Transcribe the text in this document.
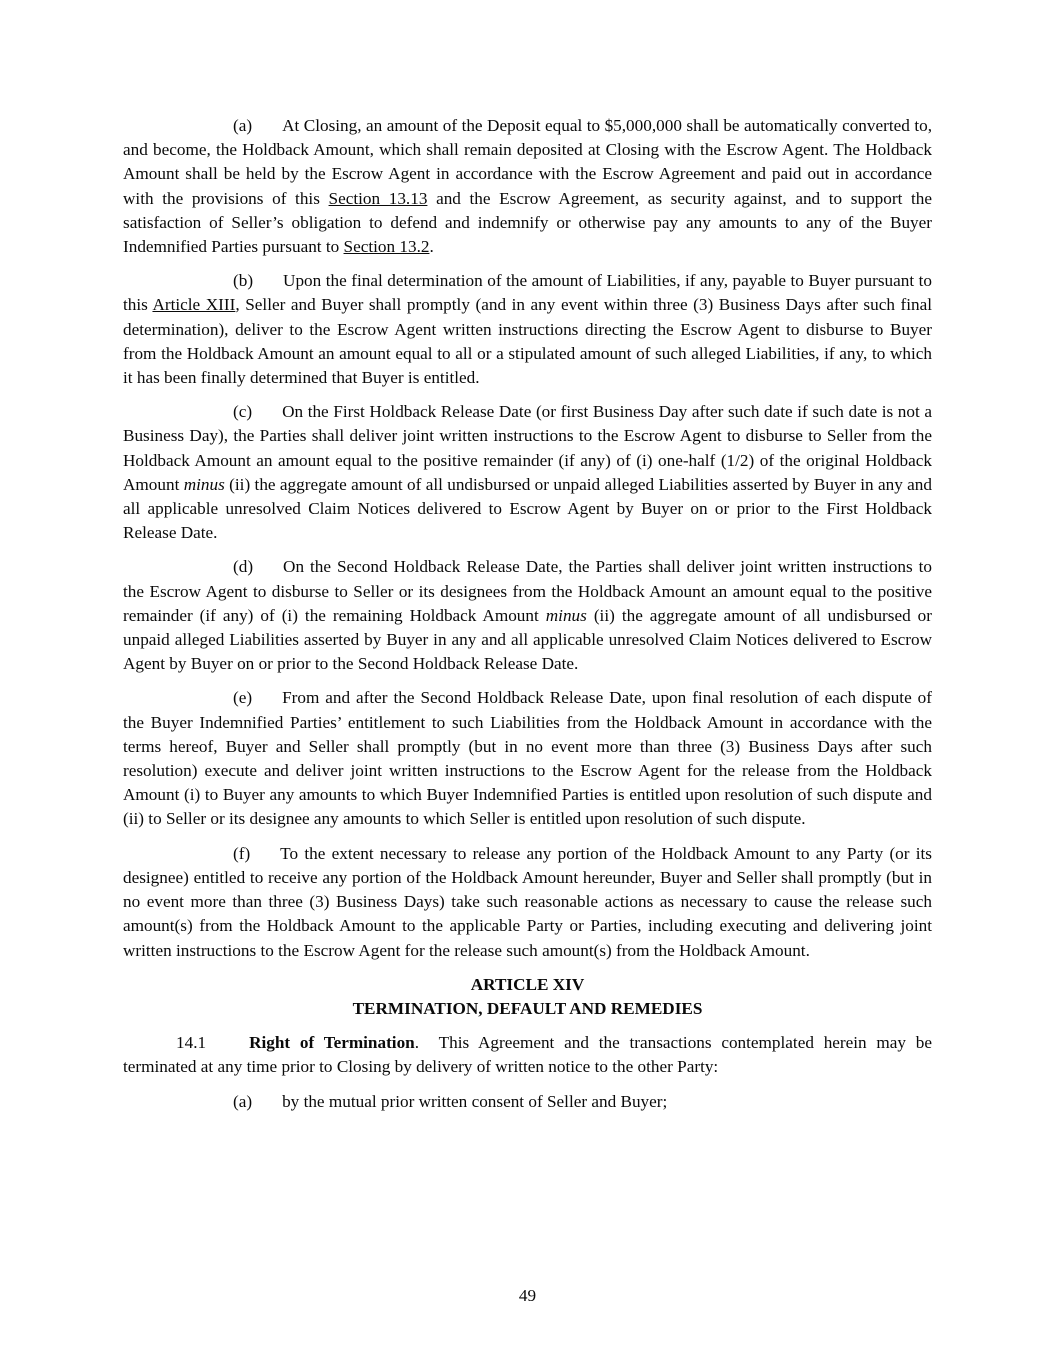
(a) At Closing, an amount of the Deposit equal to $5,000,000 shall be automatically converted to, and become, the Holdback Amount, which shall remain deposited at Closing with the Escrow Agent. The Holdback Amount shall be held by the Escrow Agent in accordance with the Escrow Agreement and paid out in accordance with the provisions of this Section 13.13 and the Escrow Agreement, as security against, and to support the satisfaction of Seller’s obligation to defend and indemnify or otherwise pay any amounts to any of the Buyer Indemnified Parties pursuant to Section 13.2.

(b) Upon the final determination of the amount of Liabilities, if any, payable to Buyer pursuant to this Article XIII, Seller and Buyer shall promptly (and in any event within three (3) Business Days after such final determination), deliver to the Escrow Agent written instructions directing the Escrow Agent to disburse to Buyer from the Holdback Amount an amount equal to all or a stipulated amount of such alleged Liabilities, if any, to which it has been finally determined that Buyer is entitled.

(c) On the First Holdback Release Date (or first Business Day after such date if such date is not a Business Day), the Parties shall deliver joint written instructions to the Escrow Agent to disburse to Seller from the Holdback Amount an amount equal to the positive remainder (if any) of (i) one-half (1/2) of the original Holdback Amount minus (ii) the aggregate amount of all undisbursed or unpaid alleged Liabilities asserted by Buyer in any and all applicable unresolved Claim Notices delivered to Escrow Agent by Buyer on or prior to the First Holdback Release Date.

(d) On the Second Holdback Release Date, the Parties shall deliver joint written instructions to the Escrow Agent to disburse to Seller or its designees from the Holdback Amount an amount equal to the positive remainder (if any) of (i) the remaining Holdback Amount minus (ii) the aggregate amount of all undisbursed or unpaid alleged Liabilities asserted by Buyer in any and all applicable unresolved Claim Notices delivered to Escrow Agent by Buyer on or prior to the Second Holdback Release Date.

(e) From and after the Second Holdback Release Date, upon final resolution of each dispute of the Buyer Indemnified Parties’ entitlement to such Liabilities from the Holdback Amount in accordance with the terms hereof, Buyer and Seller shall promptly (but in no event more than three (3) Business Days after such resolution) execute and deliver joint written instructions to the Escrow Agent for the release from the Holdback Amount (i) to Buyer any amounts to which Buyer Indemnified Parties is entitled upon resolution of such dispute and (ii) to Seller or its designee any amounts to which Seller is entitled upon resolution of such dispute.

(f) To the extent necessary to release any portion of the Holdback Amount to any Party (or its designee) entitled to receive any portion of the Holdback Amount hereunder, Buyer and Seller shall promptly (but in no event more than three (3) Business Days) take such reasonable actions as necessary to cause the release such amount(s) from the Holdback Amount to the applicable Party or Parties, including executing and delivering joint written instructions to the Escrow Agent for the release such amount(s) from the Holdback Amount.

ARTICLE XIV
TERMINATION, DEFAULT AND REMEDIES

14.1	Right of Termination.  This Agreement and the transactions contemplated herein may be terminated at any time prior to Closing by delivery of written notice to the other Party:

(a) by the mutual prior written consent of Seller and Buyer;

49
